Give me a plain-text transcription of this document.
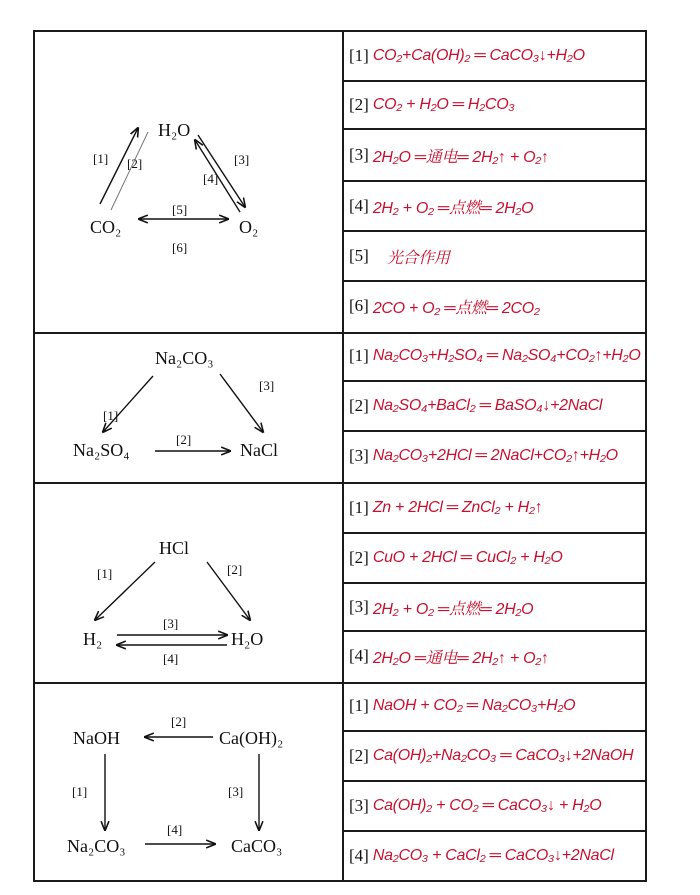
H₂O
CO₂	O₂
[1] [2]	[3]
[4]
[5]
[6]
Na₂CO₃
Na₂SO₄	NaCl
[1]
[2]
[3]
HCl
H₂	H₂O
[1]	[2]
[3]
[4]
NaOH	Ca(OH)₂
Na₂CO₃	CaCO₃
[1]
[2]
[3]
[4]
[1] CO₂+Ca(OH)₂ ═ CaCO₃↓+H₂O
[2] CO₂ + H₂O ═ H₂CO₃
[3] 2H₂O ═通电═ 2H₂↑ + O₂↑
[4] 2H₂ + O₂ ═点燃═ 2H₂O
[5] 光合作用
[6] 2CO + O₂ ═点燃═ 2CO₂
[1] Na₂CO₃+H₂SO₄ ═ Na₂SO₄+CO₂↑+H₂O
[2] Na₂SO₄+BaCl₂ ═ BaSO₄↓+2NaCl
[3] Na₂CO₃+2HCl ═ 2NaCl+CO₂↑+H₂O
[1] Zn + 2HCl ═ ZnCl₂ + H₂↑
[2] CuO + 2HCl ═ CuCl₂ + H₂O
[3] 2H₂ + O₂ ═点燃═ 2H₂O
[4] 2H₂O ═通电═ 2H₂↑ + O₂↑
[1] NaOH + CO₂ ═ Na₂CO₃+H₂O
[2] Ca(OH)₂+Na₂CO₃ ═ CaCO₃↓+2NaOH
[3] Ca(OH)₂ + CO₂ ═ CaCO₃↓ + H₂O
[4] Na₂CO₃ + CaCl₂ ═ CaCO₃↓+2NaCl
